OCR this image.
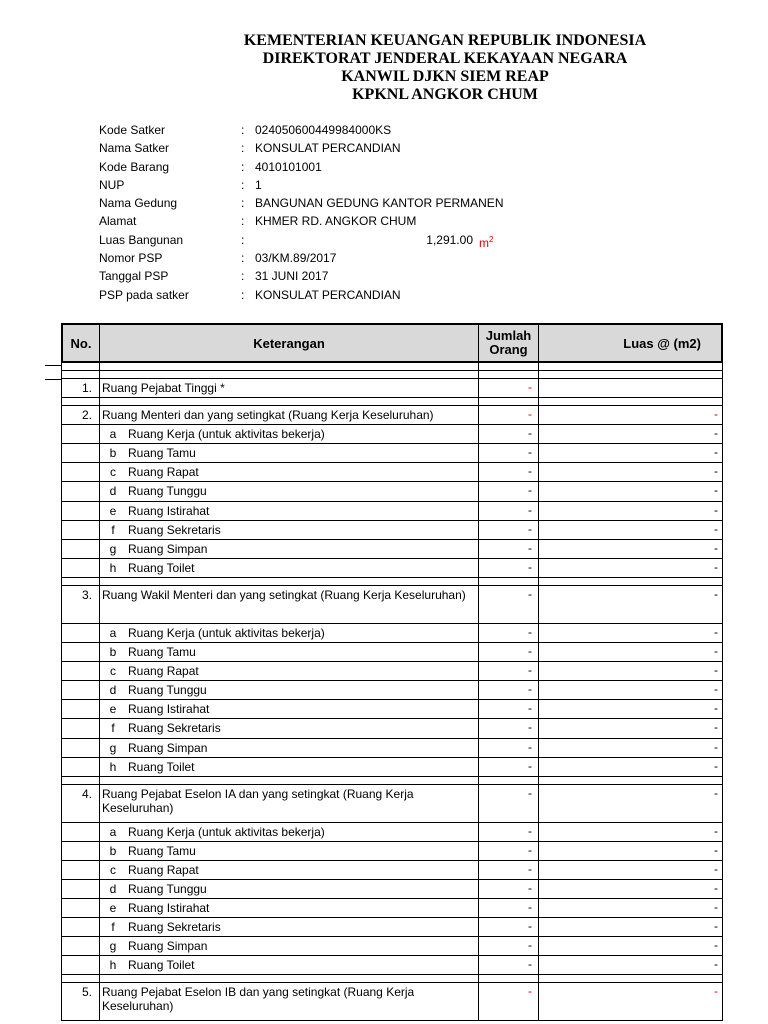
KEMENTERIAN KEUANGAN REPUBLIK INDONESIA
DIREKTORAT JENDERAL KEKAYAAN NEGARA
KANWIL DJKN SIEM REAP
KPKNL ANGKOR CHUM
Kode Satker	: 024050600449984000KS
Nama Satker	: KONSULAT PERCANDIAN
Kode Barang	: 4010101001
NUP	: 1
Nama Gedung	: BANGUNAN GEDUNG KANTOR PERMANEN
Alamat	: KHMER RD. ANGKOR CHUM
Luas Bangunan	:	1,291.00 $m^2$
Nomor PSP	: 03/KM.89/2017
Tanggal PSP	: 31 JUNI 2017
PSP pada satker	: KONSULAT PERCANDIAN
No.	Keterangan	Jumlah
Orang	Luas @ (m2)
1. Ruang Pejabat Tinggi *	-
2. Ruang Menteri dan yang setingkat (Ruang Kerja Keseluruhan)	-	-
a Ruang Kerja (untuk aktivitas bekerja)	-	-
b Ruang Tamu	-	-
c	Ruang Rapat	-	-
d Ruang Tunggu	-	-
e Ruang Istirahat	-	-
f	Ruang Sekretaris	-	-
g Ruang Simpan	-	-
h Ruang Toilet	-	-
3. Ruang Wakil Menteri dan yang setingkat (Ruang Kerja Keseluruhan)	-	-
a Ruang Kerja (untuk aktivitas bekerja)	-	-
b Ruang Tamu	-	-
c	Ruang Rapat	-	-
d Ruang Tunggu	-	-
e Ruang Istirahat	-	-
f	Ruang Sekretaris	-	-
g Ruang Simpan	-	-
h Ruang Toilet	-	-
4. Ruang Pejabat Eselon IA dan yang setingkat (Ruang Kerja Keseluruhan)
-	-
a Ruang Kerja (untuk aktivitas bekerja)	-	-
b Ruang Tamu	-	-
c	Ruang Rapat	-	-
d Ruang Tunggu	-	-
e Ruang Istirahat	-	-
f	Ruang Sekretaris	-	-
g Ruang Simpan	-	-
h Ruang Toilet	-	-
5. Ruang Pejabat Eselon IB dan yang setingkat (Ruang Kerja Keseluruhan)
-	-
